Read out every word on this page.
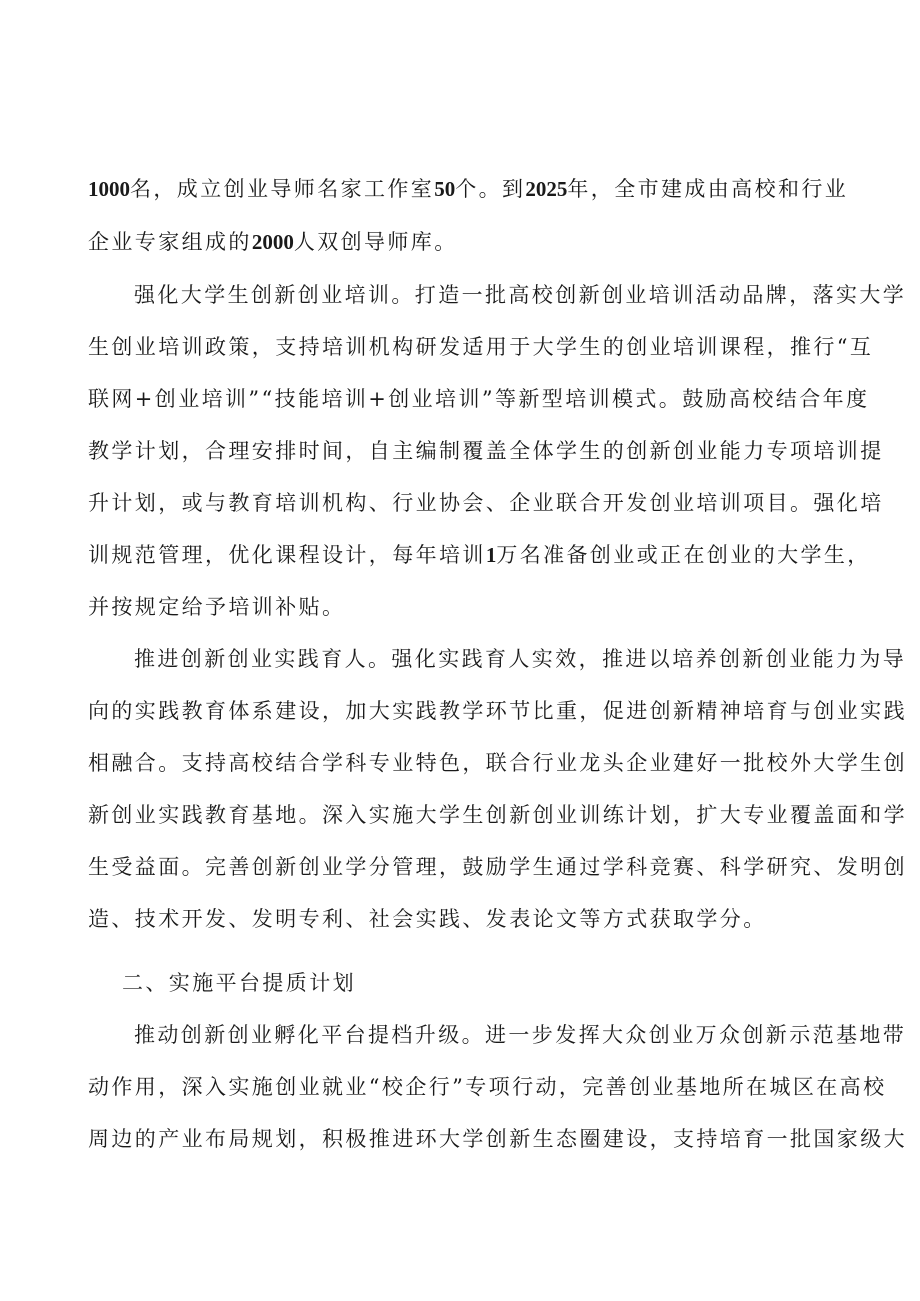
1000名，成立创业导师名家工作室50个。到2025年，全市建成由高校和行业
企业专家组成的2000人双创导师库。
强化大学生创新创业培训。打造一批高校创新创业培训活动品牌，落实大学
生创业培训政策，支持培训机构研发适用于大学生的创业培训课程，推行“互
联网+创业培训”“技能培训+创业培训”等新型培训模式。鼓励高校结合年度
教学计划，合理安排时间，自主编制覆盖全体学生的创新创业能力专项培训提
升计划，或与教育培训机构、行业协会、企业联合开发创业培训项目。强化培
训规范管理，优化课程设计，每年培训1万名准备创业或正在创业的大学生，
并按规定给予培训补贴。
推进创新创业实践育人。强化实践育人实效，推进以培养创新创业能力为导
向的实践教育体系建设，加大实践教学环节比重，促进创新精神培育与创业实践
相融合。支持高校结合学科专业特色，联合行业龙头企业建好一批校外大学生创
新创业实践教育基地。深入实施大学生创新创业训练计划，扩大专业覆盖面和学
生受益面。完善创新创业学分管理，鼓励学生通过学科竞赛、科学研究、发明创
造、技术开发、发明专利、社会实践、发表论文等方式获取学分。
二、实施平台提质计划
推动创新创业孵化平台提档升级。进一步发挥大众创业万众创新示范基地带
动作用，深入实施创业就业“校企行”专项行动，完善创业基地所在城区在高校
周边的产业布局规划，积极推进环大学创新生态圈建设，支持培育一批国家级大
